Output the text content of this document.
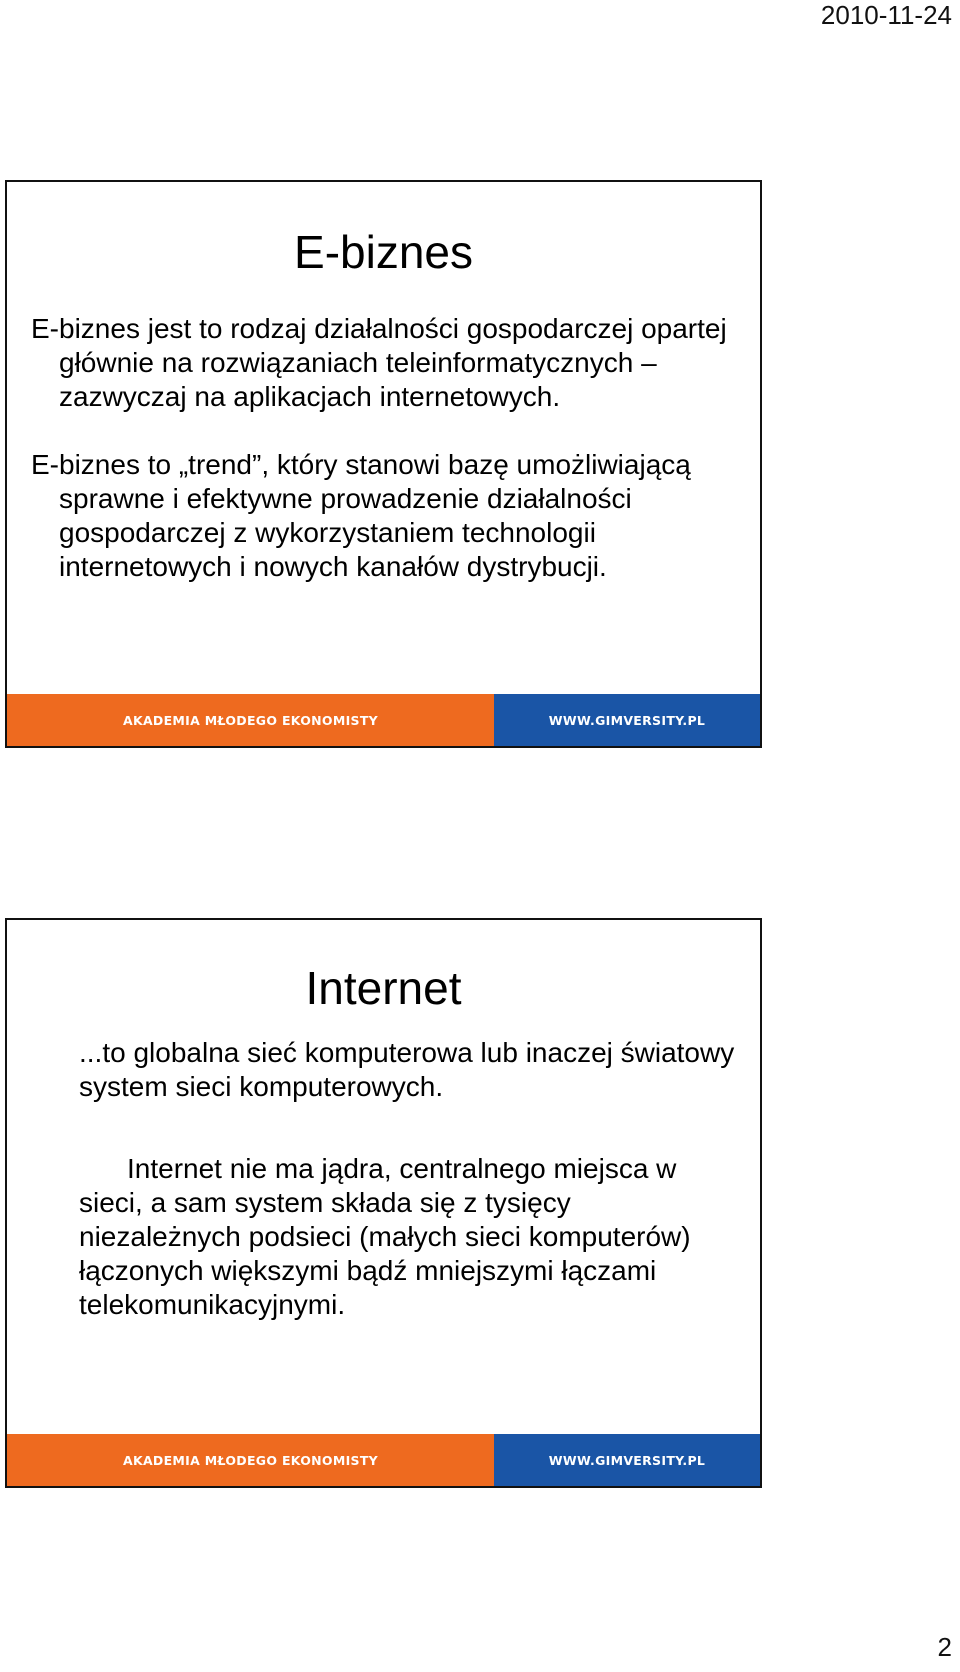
2010-11-24
E-biznes

E-biznes jest to rodzaj działalności gospodarczej opartej głównie na rozwiązaniach teleinformatycznych – zazwyczaj na aplikacjach internetowych.

E-biznes to „trend”, który stanowi bazę umożliwiającą sprawne i efektywne prowadzenie działalności gospodarczej z wykorzystaniem technologii internetowych i nowych kanałów dystrybucji.

AKADEMIA MŁODEGO EKONOMISTY	WWW.GIMVERSITY.PL
Internet

...to globalna sieć komputerowa lub inaczej światowy system sieci komputerowych.

Internet nie ma jądra, centralnego miejsca w sieci, a sam system składa się z tysięcy niezależnych podsieci (małych sieci komputerów) łączonych większymi bądź mniejszymi łączami telekomunikacyjnymi.

AKADEMIA MŁODEGO EKONOMISTY	WWW.GIMVERSITY.PL
2
